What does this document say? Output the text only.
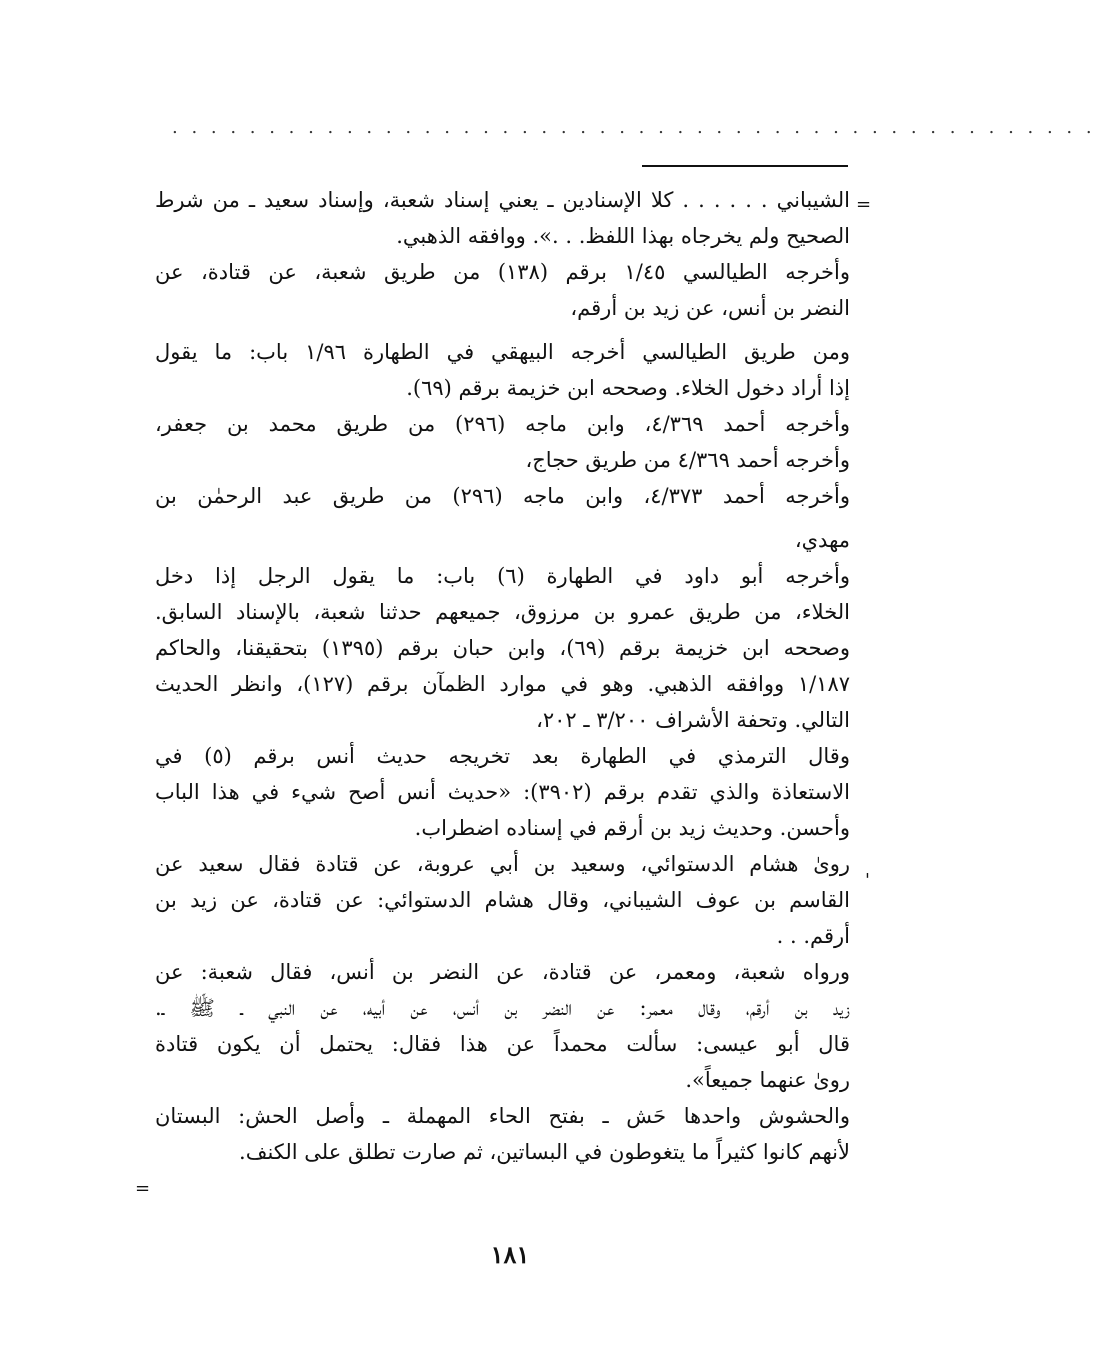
. . . . . . . . . . . . . . . . . . . . . . . . . . . . . . . . . . . . . . . . . . . . . . . .
=
=
'
الشيباني . . . . . . كلا الإسنادين ـ يعني إسناد شعبة، وإسناد سعيد ـ من شرط
الصحيح ولم يخرجاه بهذا اللفظ. . .». ووافقه الذهبي.
وأخرجه الطيالسي ١/٤٥ برقم (١٣٨) من طريق شعبة، عن قتادة، عن
النضر بن أنس، عن زيد بن أرقم،
ومن طريق الطيالسي أخرجه البيهقي في الطهارة ١/٩٦ باب: ما يقول
إذا أراد دخول الخلاء. وصححه ابن خزيمة برقم (٦٩).
وأخرجه أحمد ٤/٣٦٩، وابن ماجه (٢٩٦) من طريق محمد بن جعفر،
وأخرجه أحمد ٤/٣٦٩ من طريق حجاج،
وأخرجه أحمد ٤/٣٧٣، وابن ماجه (٢٩٦) من طريق عبد الرحمٰن بن
مهدي،
وأخرجه أبو داود في الطهارة (٦) باب: ما يقول الرجل إذا دخل
الخلاء، من طريق عمرو بن مرزوق، جميعهم حدثنا شعبة، بالإسناد السابق.
وصححه ابن خزيمة برقم (٦٩)، وابن حبان برقم (١٣٩٥) بتحقيقنا، والحاكم
١/١٨٧ ووافقه الذهبي. وهو في موارد الظمآن برقم (١٢٧)، وانظر الحديث
التالي. وتحفة الأشراف ٣/٢٠٠ ـ ٢٠٢،
وقال الترمذي في الطهارة بعد تخريجه حديث أنس برقم (٥) في
الاستعاذة والذي تقدم برقم (٣٩٠٢): «حديث أنس أصح شيء في هذا الباب
وأحسن. وحديث زيد بن أرقم في إسناده اضطراب.
روىٰ هشام الدستوائي، وسعيد بن أبي عروبة، عن قتادة فقال سعيد عن
القاسم بن عوف الشيباني، وقال هشام الدستوائي: عن قتادة، عن زيد بن
أرقم. . .
ورواه شعبة، ومعمر، عن قتادة، عن النضر بن أنس، فقال شعبة: عن
زيد بن أرقم، وقال معمر: عن النضر بن أنس، عن أبيه، عن النبي ـ ﷺ ـ.
قال أبو عيسى: سألت محمداً عن هذا فقال: يحتمل أن يكون قتادة
روىٰ عنهما جميعاً».
والحشوش واحدها حَش ـ بفتح الحاء المهملة ـ وأصل الحش: البستان
لأنهم كانوا كثيراً ما يتغوطون في البساتين، ثم صارت تطلق على الكنف.
١٨١
